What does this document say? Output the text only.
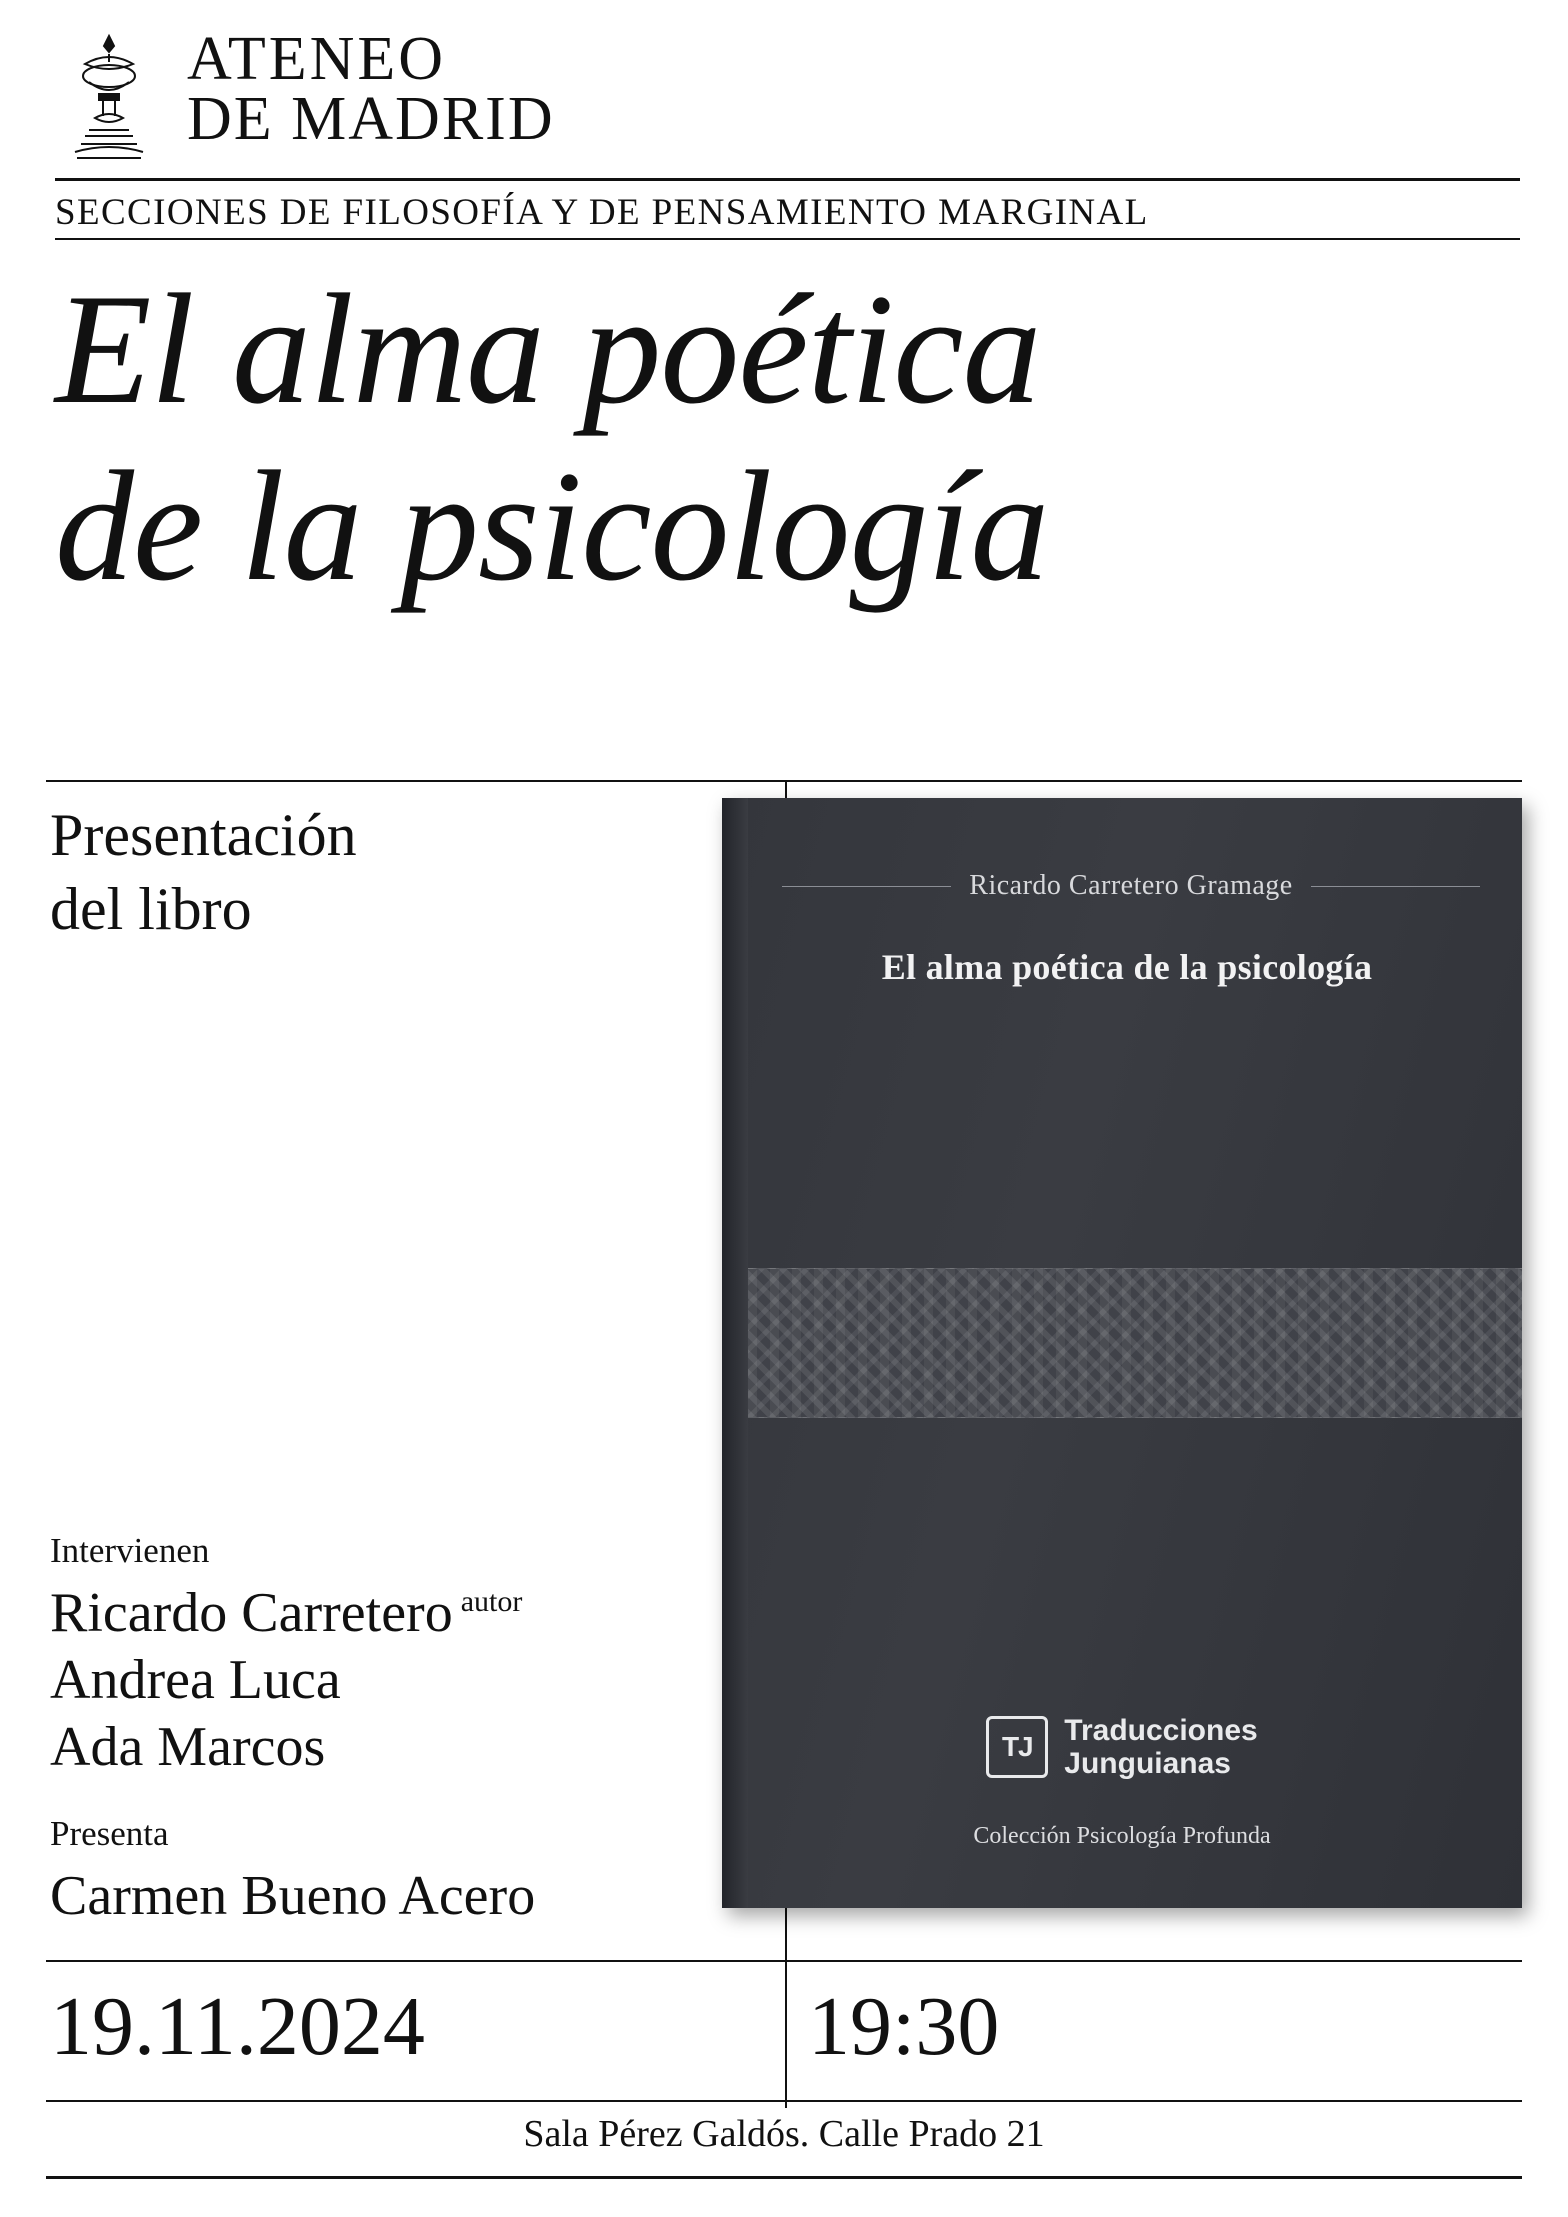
ATENEO
DE MADRID
SECCIONES DE FILOSOFÍA Y DE PENSAMIENTO MARGINAL
El alma poética
de la psicología
Presentación
del libro
Intervienen
Ricardo Carretero $^{autor}$
Andrea Luca
Ada Marcos
Presenta
Carmen Bueno Acero
Ricardo Carretero Gramage
El alma poética de la psicología
TJ	Traducciones
Junguianas
Colección Psicología Profunda
19.11.2024	19:30
Sala Pérez Galdós. Calle Prado 21
